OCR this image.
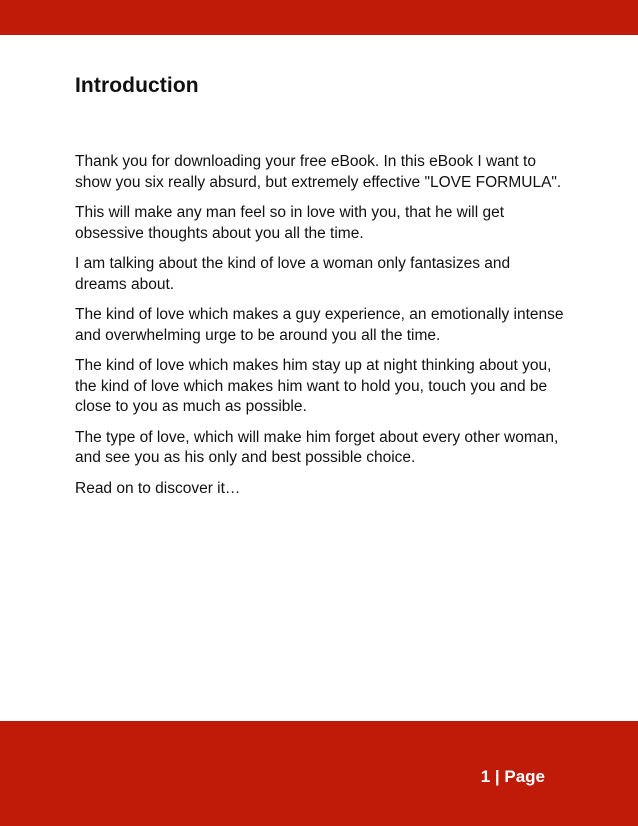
Introduction

Thank you for downloading your free eBook. In this eBook I want to show you six really absurd, but extremely effective "LOVE FORMULA".

This will make any man feel so in love with you, that he will get obsessive thoughts about you all the time.

I am talking about the kind of love a woman only fantasizes and dreams about.

The kind of love which makes a guy experience, an emotionally intense and overwhelming urge to be around you all the time.

The kind of love which makes him stay up at night thinking about you, the kind of love which makes him want to hold you, touch you and be close to you as much as possible.

The type of love, which will make him forget about every other woman, and see you as his only and best possible choice.

Read on to discover it…

1 | Page
